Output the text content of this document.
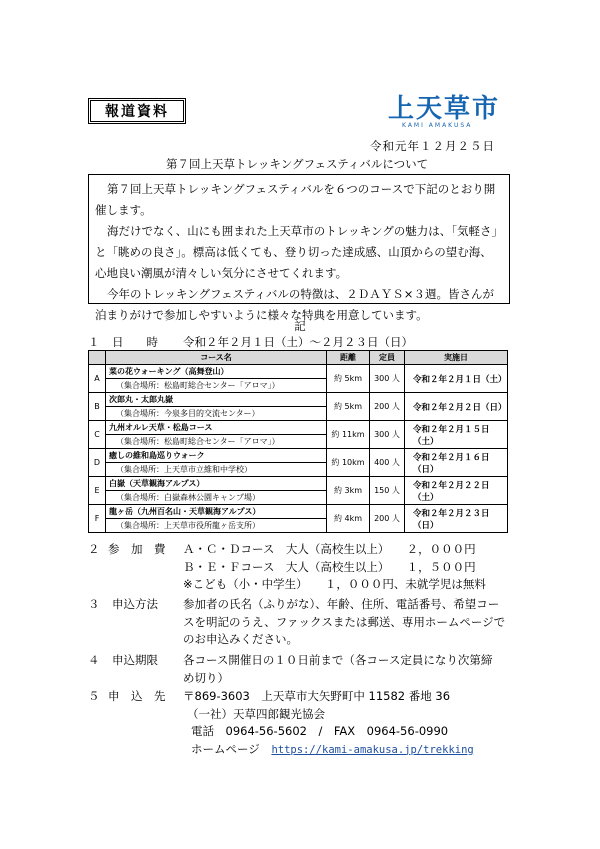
報道資料	上天草市
KAMI AMAKUSA
令和元年１２月２５日
第７回上天草トレッキングフェスティバルについて

第７回上天草トレッキングフェスティバルを６つのコースで下記のとおり開催します。

海だけでなく、山にも囲まれた上天草市のトレッキングの魅力は、「気軽さ」と「眺めの良さ」。標高は低くても、登り切った達成感、山頂からの望む海、心地良い潮風が清々しい気分にさせてくれます。

今年のトレッキングフェスティバルの特徴は、２ＤＡＹＳ×３週。皆さんが泊まりがけで参加しやすいように様々な特典を用意しています。

記
１ 日　　時 令和２年２月１日（土）～２月２３日（日）
	コース名	距離	定員	実施日
A	菜の花ウォーキング（高舞登山）	約 5km	300 人	令和２年２月１日（土）
	（集合場所：松島町総合センター「アロマ」）			
B	次郎丸・太郎丸嶽	約 5km	200 人	令和２年２月２日（日）
	（集合場所：今泉多目的交流センター）			
C	九州オルレ天草・松島コース	約 11km	300 人	令和２年２月１５日（土）
	（集合場所：松島町総合センター「アロマ」）			
D	癒しの維和島巡りウォーク	約 10km	400 人	令和２年２月１６日（日）
	（集合場所：上天草市立維和中学校）			
E	白嶽（天草観海アルプス）	約 3km	150 人	令和２年２月２２日（土）
	（集合場所：白嶽森林公園キャンプ場）			
F	龍ヶ岳（九州百名山・天草観海アルプス）	約 4km	200 人	令和２年２月２３日（日）
	（集合場所：上天草市役所龍ヶ岳支所）			
２ 参　加　費 Ａ・Ｃ・Ｄコース　大人（高校生以上）　　２，０００円
Ｂ・Ｅ・Ｆコース　大人（高校生以上）　　１，５００円
※こども（小・中学生）　　１，０００円、未就学児は無料
３ 申込方法 参加者の氏名（ふりがな）、年齢、住所、電話番号、希望コー
スを明記のうえ、ファックスまたは郵送、専用ホームページで
のお申込みください。
４ 申込期限 各コース開催日の１０日前まで（各コース定員になり次第締
め切り）
５ 申　込　先 〒869-3603　上天草市大矢野町中 11582 番地 36
（一社）天草四郎観光協会
電話　0964-56-5602　/　FAX　0964-56-0990
ホームページ https://kami-amakusa.jp/trekking
